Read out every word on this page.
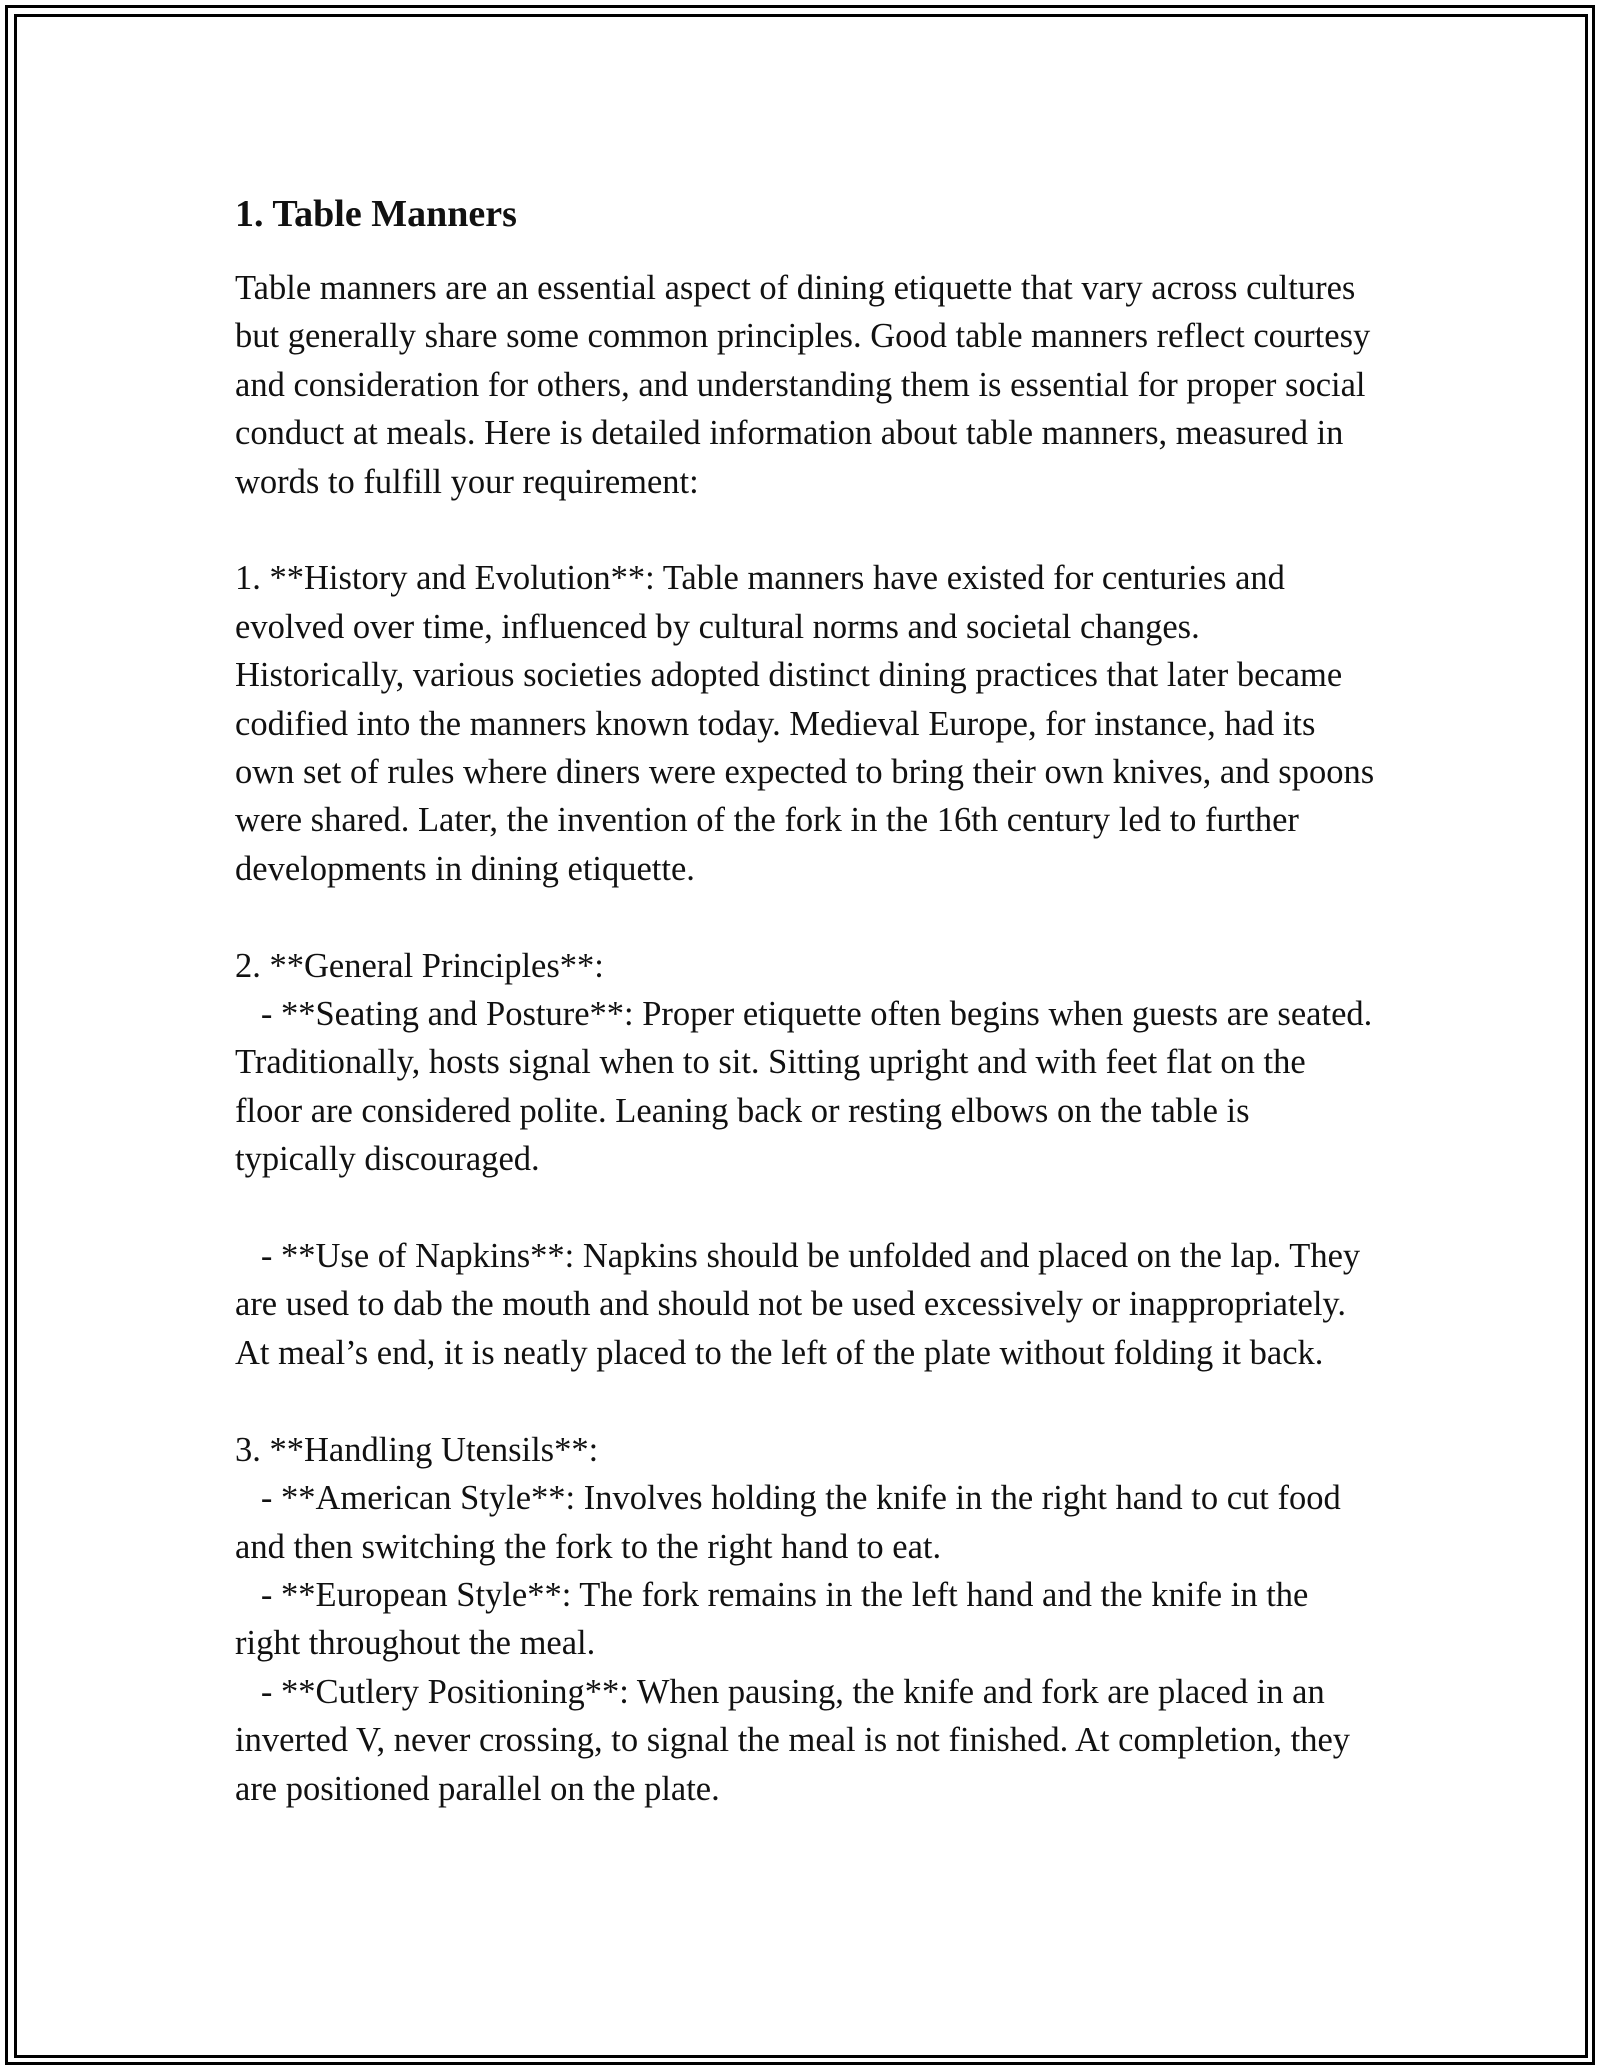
1. Table Manners

Table manners are an essential aspect of dining etiquette that vary across cultures but generally share some common principles. Good table manners reflect courtesy and consideration for others, and understanding them is essential for proper social conduct at meals. Here is detailed information about table manners, measured in words to fulfill your requirement:

1. **History and Evolution**: Table manners have existed for centuries and evolved over time, influenced by cultural norms and societal changes. Historically, various societies adopted distinct dining practices that later became codified into the manners known today. Medieval Europe, for instance, had its own set of rules where diners were expected to bring their own knives, and spoons were shared. Later, the invention of the fork in the 16th century led to further developments in dining etiquette.

2. **General Principles**:

- **Seating and Posture**: Proper etiquette often begins when guests are seated. Traditionally, hosts signal when to sit. Sitting upright and with feet flat on the floor are considered polite. Leaning back or resting elbows on the table is typically discouraged.

- **Use of Napkins**: Napkins should be unfolded and placed on the lap. They are used to dab the mouth and should not be used excessively or inappropriately. At meal’s end, it is neatly placed to the left of the plate without folding it back.

3. **Handling Utensils**:

- **American Style**: Involves holding the knife in the right hand to cut food and then switching the fork to the right hand to eat.

- **European Style**: The fork remains in the left hand and the knife in the right throughout the meal.

- **Cutlery Positioning**: When pausing, the knife and fork are placed in an inverted V, never crossing, to signal the meal is not finished. At completion, they are positioned parallel on the plate.
